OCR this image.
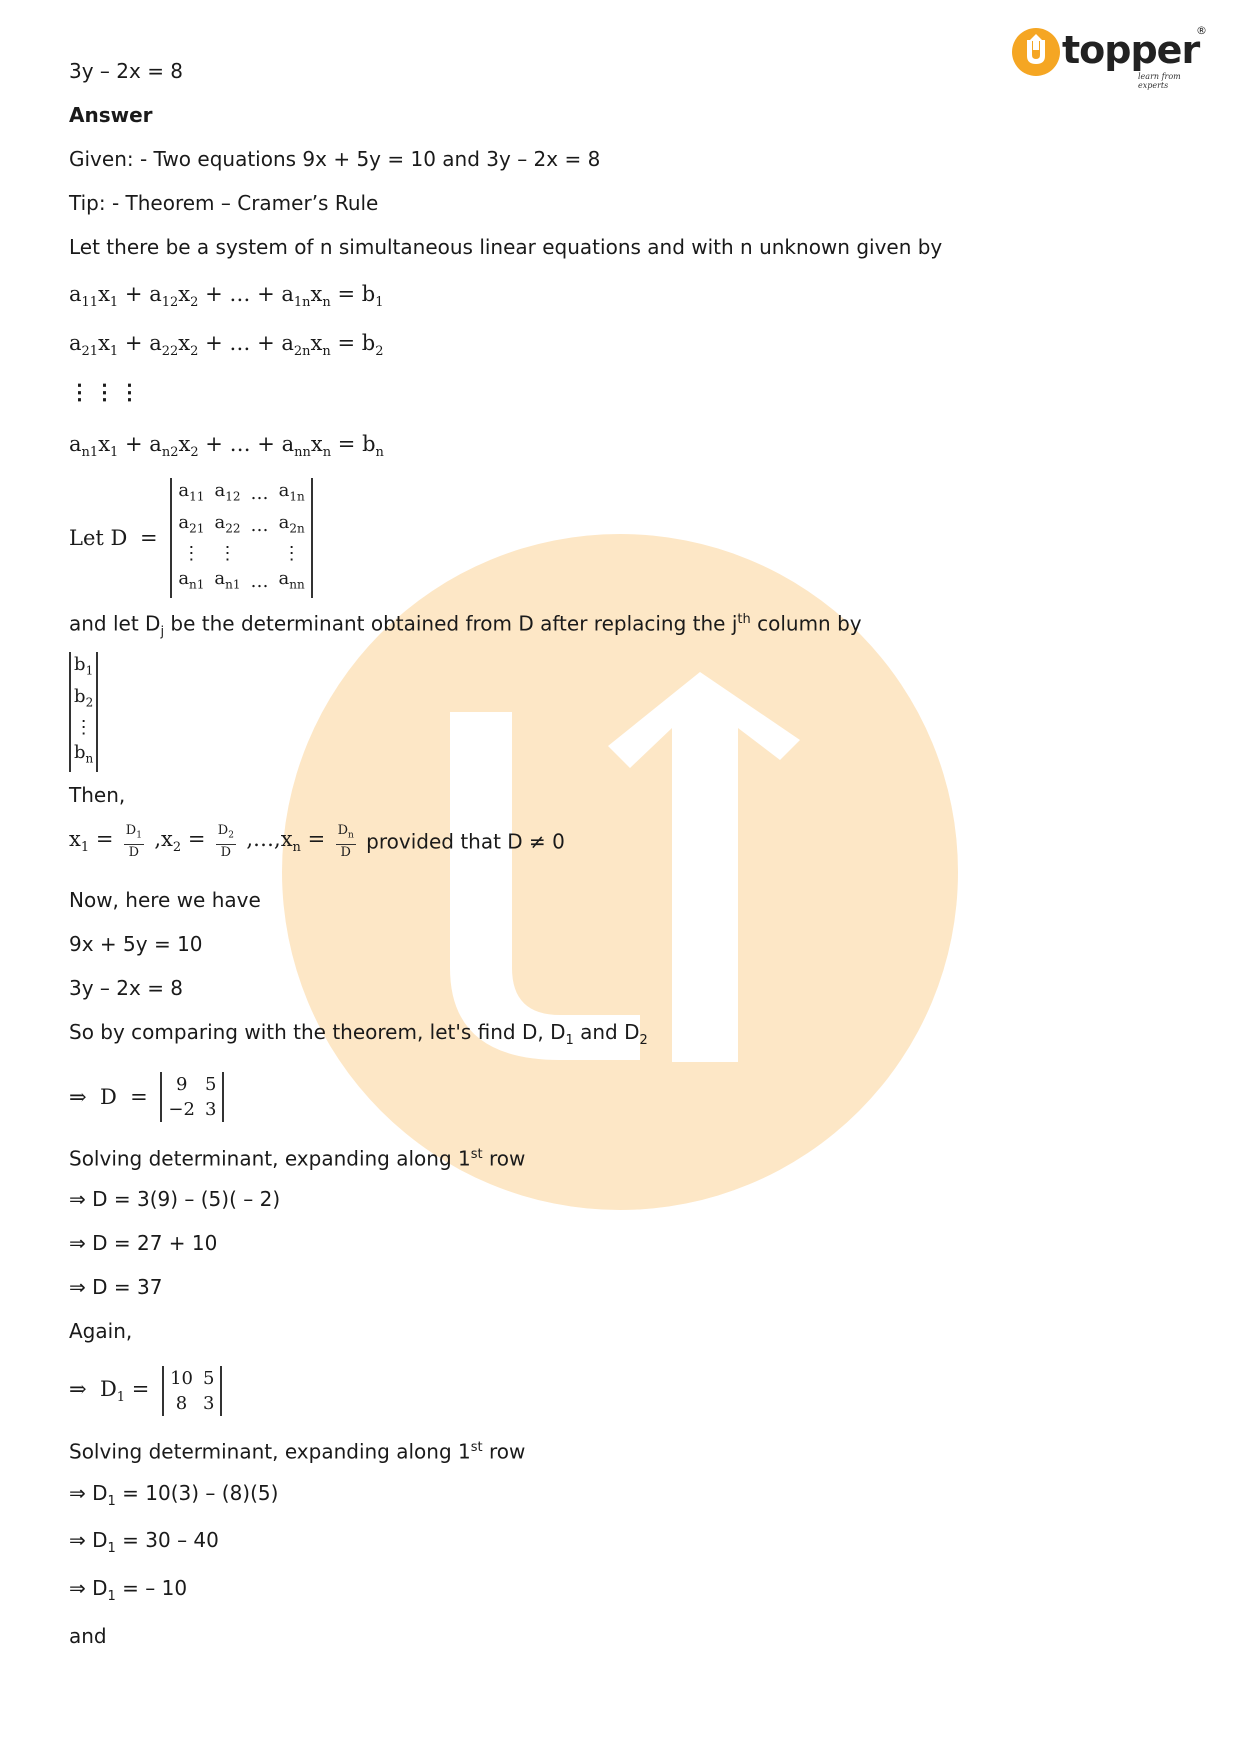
topper
®
learn from experts
3y – 2x = 8
Answer
Given: - Two equations 9x + 5y = 10 and 3y – 2x = 8
Tip: - Theorem – Cramer’s Rule
Let there be a system of n simultaneous linear equations and with n unknown given by
$a_{11}x_1 + a_{12}x_2$ + … + $a_{1n}x_n = b_1$
$a_{21}x_1 + a_{22}x_2$ + … + $a_{2n}x_n = b_2$
⋮⋮⋮
$a_{n1}x_1 + a_{n2}x_2$ + … + $a_{nn}x_n = b_n$
Let D =
$a_{11}$	$a_{12}$	…	$a_{1n}$
$a_{21}$	$a_{22}$	…	$a_{2n}$
⋮	⋮		⋮
$a_{n1}$	$a_{n1}$	…	$a_{nn}$
and let $D_j$ be the determinant obtained from D after replacing the $j^{th}$ column by
$b_1$
$b_2$
⋮
$b_n$
Then,
$x_1 = \frac{D_1}{D} ,x_2 = \frac{D_2}{D}$ $,\dots,x_n = \frac{D_n}{D}$ provided that D ≠ 0
Now, here we have
9x + 5y = 10
3y – 2x = 8
So by comparing with the theorem, let's find D, $D_1$ and $D_2$
⇒  D  =
9	5
−2	3
Solving determinant, expanding along 1st row
⇒ D = 3(9) – (5)( – 2)
⇒ D = 27 + 10
⇒ D = 37
Again,
⇒  $D_1 = 10$	5
8	3
Solving determinant, expanding along 1st row
⇒ $D_1 = 10(3) - (8)(5)$
⇒ $D_1 = 30 - 40$
⇒ $D_1$ = – 10
and
